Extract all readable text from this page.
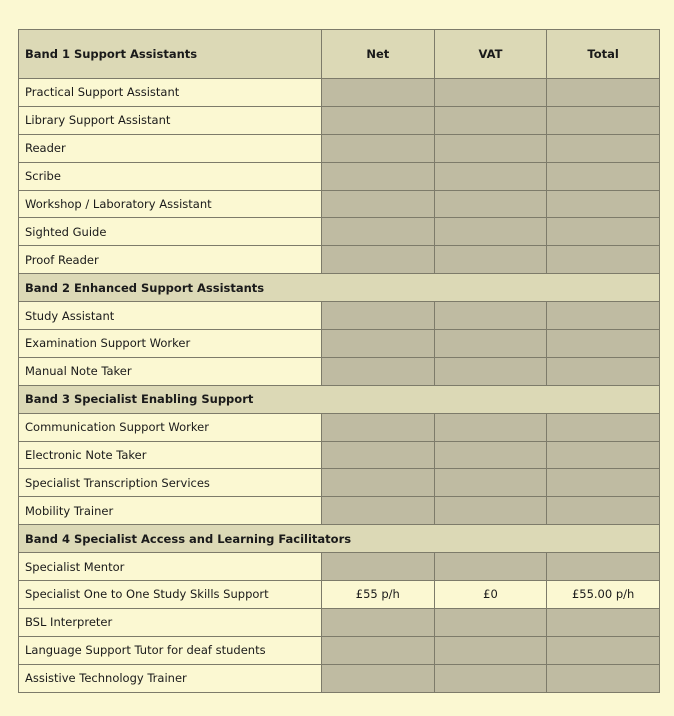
Band 1 Support Assistants	Net	VAT	Total
Practical Support Assistant			
Library Support Assistant			
Reader			
Scribe			
Workshop / Laboratory Assistant			
Sighted Guide			
Proof Reader			
Band 2 Enhanced Support Assistants			
Study Assistant			
Examination Support Worker			
Manual Note Taker			
Band 3 Specialist Enabling Support			
Communication Support Worker			
Electronic Note Taker			
Specialist Transcription Services			
Mobility Trainer			
Band 4 Specialist Access and Learning Facilitators			
Specialist Mentor			
Specialist One to One Study Skills Support	£55 p/h	£0	£55.00 p/h
BSL Interpreter			
Language Support Tutor for deaf students			
Assistive Technology Trainer			
